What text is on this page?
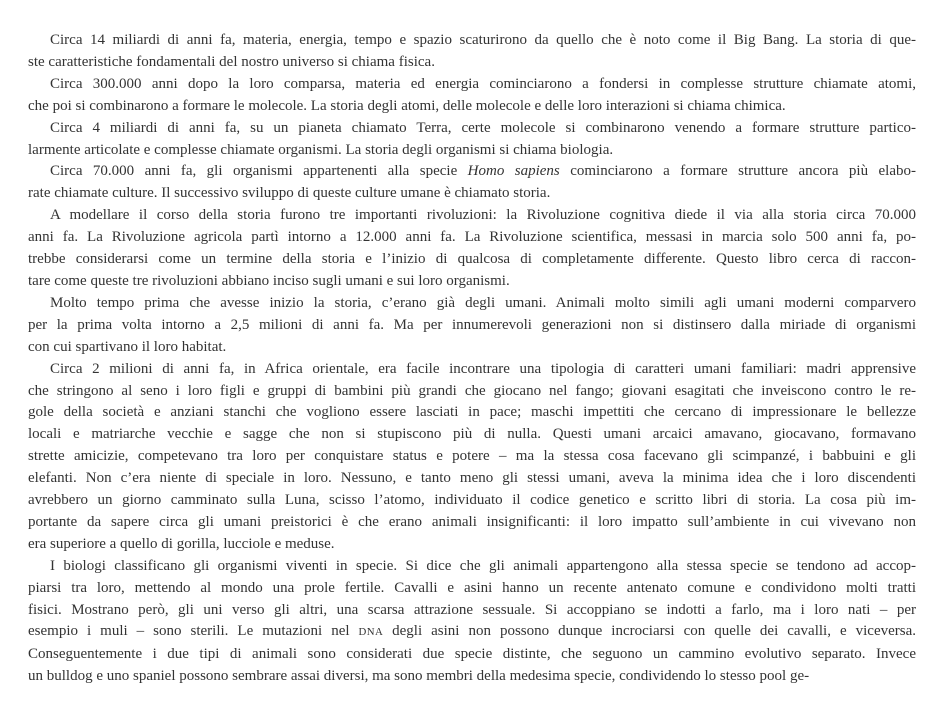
Circa 14 miliardi di anni fa, materia, energia, tempo e spazio scaturirono da quello che è noto come il Big Bang. La storia di que-
ste caratteristiche fondamentali del nostro universo si chiama fisica.
Circa 300.000 anni dopo la loro comparsa, materia ed energia cominciarono a fondersi in complesse strutture chiamate atomi,
che poi si combinarono a formare le molecole. La storia degli atomi, delle molecole e delle loro interazioni si chiama chimica.
Circa 4 miliardi di anni fa, su un pianeta chiamato Terra, certe molecole si combinarono venendo a formare strutture partico-
larmente articolate e complesse chiamate organismi. La storia degli organismi si chiama biologia.
Circa 70.000 anni fa, gli organismi appartenenti alla specie Homo sapiens cominciarono a formare strutture ancora più elabo-
rate chiamate culture. Il successivo sviluppo di queste culture umane è chiamato storia.
A modellare il corso della storia furono tre importanti rivoluzioni: la Rivoluzione cognitiva diede il via alla storia circa 70.000
anni fa. La Rivoluzione agricola partì intorno a 12.000 anni fa. La Rivoluzione scientifica, messasi in marcia solo 500 anni fa, po-
trebbe considerarsi come un termine della storia e l’inizio di qualcosa di completamente differente. Questo libro cerca di raccon-
tare come queste tre rivoluzioni abbiano inciso sugli umani e sui loro organismi.
Molto tempo prima che avesse inizio la storia, c’erano già degli umani. Animali molto simili agli umani moderni comparvero
per la prima volta intorno a 2,5 milioni di anni fa. Ma per innumerevoli generazioni non si distinsero dalla miriade di organismi
con cui spartivano il loro habitat.
Circa 2 milioni di anni fa, in Africa orientale, era facile incontrare una tipologia di caratteri umani familiari: madri apprensive
che stringono al seno i loro figli e gruppi di bambini più grandi che giocano nel fango; giovani esagitati che inveiscono contro le re-
gole della società e anziani stanchi che vogliono essere lasciati in pace; maschi impettiti che cercano di impressionare le bellezze
locali e matriarche vecchie e sagge che non si stupiscono più di nulla. Questi umani arcaici amavano, giocavano, formavano
strette amicizie, competevano tra loro per conquistare status e potere – ma la stessa cosa facevano gli scimpanzé, i babbuini e gli
elefanti. Non c’era niente di speciale in loro. Nessuno, e tanto meno gli stessi umani, aveva la minima idea che i loro discendenti
avrebbero un giorno camminato sulla Luna, scisso l’atomo, individuato il codice genetico e scritto libri di storia. La cosa più im-
portante da sapere circa gli umani preistorici è che erano animali insignificanti: il loro impatto sull’ambiente in cui vivevano non
era superiore a quello di gorilla, lucciole e meduse.
I biologi classificano gli organismi viventi in specie. Si dice che gli animali appartengono alla stessa specie se tendono ad accop-
piarsi tra loro, mettendo al mondo una prole fertile. Cavalli e asini hanno un recente antenato comune e condividono molti tratti
fisici. Mostrano però, gli uni verso gli altri, una scarsa attrazione sessuale. Si accoppiano se indotti a farlo, ma i loro nati – per
esempio i muli – sono sterili. Le mutazioni nel DNA degli asini non possono dunque incrociarsi con quelle dei cavalli, e viceversa.
Conseguentemente i due tipi di animali sono considerati due specie distinte, che seguono un cammino evolutivo separato. Invece
un bulldog e uno spaniel possono sembrare assai diversi, ma sono membri della medesima specie, condividendo lo stesso pool ge-
